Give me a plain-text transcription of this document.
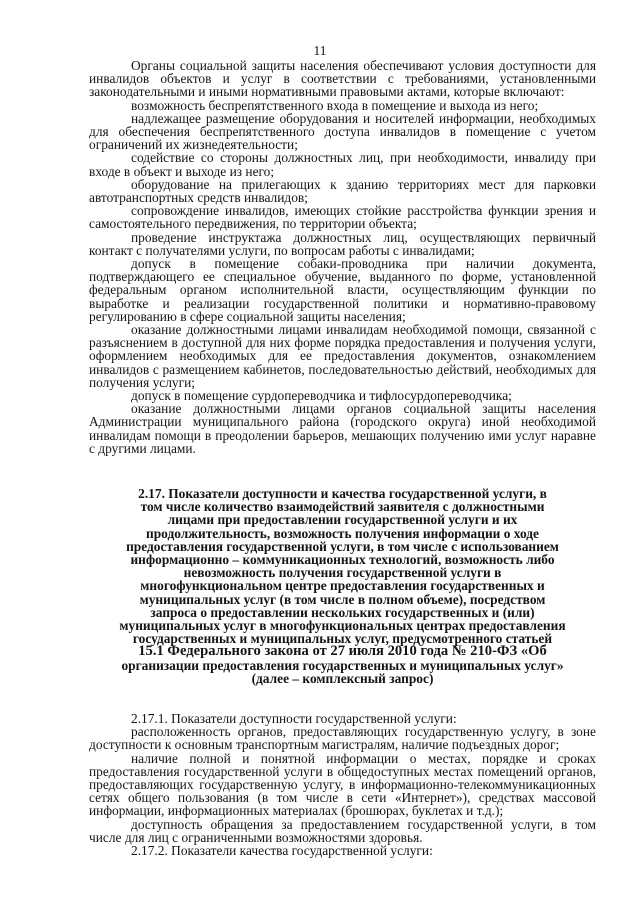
11

Органы социальной защиты населения обеспечивают условия доступности для инвалидов объектов и услуг в соответствии с требованиями, установленными законодательными и иными нормативными правовыми актами, которые включают:

возможность беспрепятственного входа в помещение и выхода из него;

надлежащее размещение оборудования и носителей информации, необходимых для обеспечения беспрепятственного доступа инвалидов в помещение с учетом ограничений их жизнедеятельности;

содействие со стороны должностных лиц, при необходимости, инвалиду при входе в объект и выходе из него;

оборудование на прилегающих к зданию территориях мест для парковки автотранспортных средств инвалидов;

сопровождение инвалидов, имеющих стойкие расстройства функции зрения и самостоятельного передвижения, по территории объекта;

проведение инструктажа должностных лиц, осуществляющих первичный контакт с получателями услуги, по вопросам работы с инвалидами;

допуск в помещение собаки-проводника при наличии документа, подтверждающего ее специальное обучение, выданного по форме, установленной федеральным органом исполнительной власти, осуществляющим функции по выработке и реализации государственной политики и нормативно-правовому регулированию в сфере социальной защиты населения;

оказание должностными лицами инвалидам необходимой помощи, связанной с разъяснением в доступной для них форме порядка предоставления и получения услуги, оформлением необходимых для ее предоставления документов, ознакомлением инвалидов с размещением кабинетов, последовательностью действий, необходимых для получения услуги;

допуск в помещение сурдопереводчика и тифлосурдопереводчика;

оказание должностными лицами органов социальной защиты населения Администрации муниципального района (городского округа) иной необходимой инвалидам помощи в преодолении барьеров, мешающих получению ими услуг наравне с другими лицами.

2.17. Показатели доступности и качества государственной услуги, в

том числе количество взаимодействий заявителя с должностными

лицами при предоставлении государственной услуги и их

продолжительность, возможность получения информации о ходе

предоставления государственной услуги, в том числе с использованием

информационно – коммуникационных технологий, возможность либо

невозможность получения государственной услуги в

многофункциональном центре предоставления государственных и

муниципальных услуг (в том числе в полном объеме), посредством

запроса о предоставлении нескольких государственных и (или)

муниципальных услуг в многофункциональных центрах предоставления

государственных и муниципальных услуг, предусмотренного статьей

15.1 Федерального закона от 27 июля 2010 года № 210-ФЗ «Об

организации предоставления государственных и муниципальных услуг»

(далее – комплексный запрос)

2.17.1. Показатели доступности государственной услуги:

расположенность органов, предоставляющих государственную услугу, в зоне доступности к основным транспортным магистралям, наличие подъездных дорог;

наличие полной и понятной информации о местах, порядке и сроках предоставления государственной услуги в общедоступных местах помещений органов, предоставляющих государственную услугу, в информационно-телекоммуникационных сетях общего пользования (в том числе в сети «Интернет»), средствах массовой информации, информационных материалах (брошюрах, буклетах и т.д.);

доступность обращения за предоставлением государственной услуги, в том числе для лиц с ограниченными возможностями здоровья.

2.17.2. Показатели качества государственной услуги:
